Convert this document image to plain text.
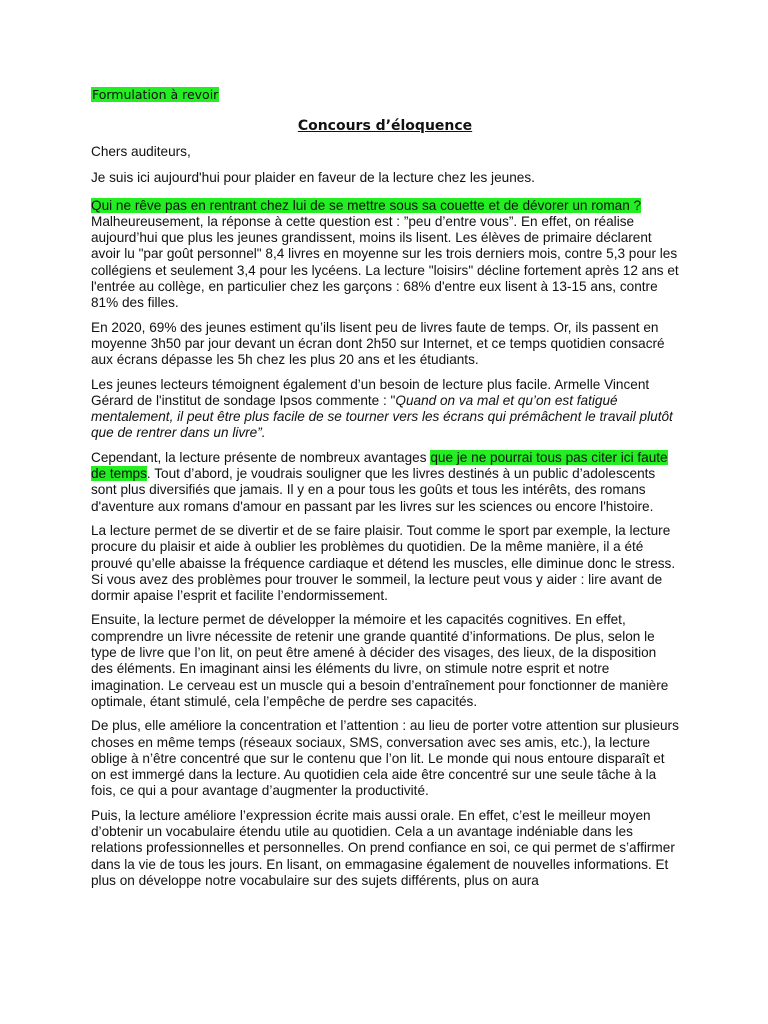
Formulation à revoir
Concours d’éloquence

Chers auditeurs,

Je suis ici aujourd'hui pour plaider en faveur de la lecture chez les jeunes.

Qui ne rêve pas en rentrant chez lui de se mettre sous sa couette et de dévorer un roman ? Malheureusement, la réponse à cette question est : ”peu d’entre vous”. En effet, on réalise aujourd’hui que plus les jeunes grandissent, moins ils lisent. Les élèves de primaire déclarent avoir lu "par goût personnel" 8,4 livres en moyenne sur les trois derniers mois, contre 5,3 pour les collégiens et seulement 3,4 pour les lycéens. La lecture "loisirs" décline fortement après 12 ans et l'entrée au collège, en particulier chez les garçons : 68% d'entre eux lisent à 13-15 ans, contre 81% des filles.

En 2020, 69% des jeunes estiment qu’ils lisent peu de livres faute de temps. Or, ils passent en moyenne 3h50 par jour devant un écran dont 2h50 sur Internet, et ce temps quotidien consacré aux écrans dépasse les 5h chez les plus 20 ans et les étudiants.

Les jeunes lecteurs témoignent également d’un besoin de lecture plus facile. Armelle Vincent Gérard de l'institut de sondage Ipsos commente : "Quand on va mal et qu’on est fatigué mentalement, il peut être plus facile de se tourner vers les écrans qui prémâchent le travail plutôt que de rentrer dans un livre”.

Cependant, la lecture présente de nombreux avantages que je ne pourrai tous pas citer ici faute de temps. Tout d’abord, je voudrais souligner que les livres destinés à un public d’adolescents sont plus diversifiés que jamais. Il y en a pour tous les goûts et tous les intérêts, des romans d'aventure aux romans d'amour en passant par les livres sur les sciences ou encore l'histoire.

La lecture permet de se divertir et de se faire plaisir. Tout comme le sport par exemple, la lecture procure du plaisir et aide à oublier les problèmes du quotidien. De la même manière, il a été prouvé qu’elle abaisse la fréquence cardiaque et détend les muscles, elle diminue donc le stress. Si vous avez des problèmes pour trouver le sommeil, la lecture peut vous y aider : lire avant de dormir apaise l’esprit et facilite l’endormissement.

Ensuite, la lecture permet de développer la mémoire et les capacités cognitives. En effet, comprendre un livre nécessite de retenir une grande quantité d’informations. De plus, selon le type de livre que l’on lit, on peut être amené à décider des visages, des lieux, de la disposition des éléments. En imaginant ainsi les éléments du livre, on stimule notre esprit et notre imagination. Le cerveau est un muscle qui a besoin d’entraînement pour fonctionner de manière optimale, étant stimulé, cela l’empêche de perdre ses capacités.

De plus, elle améliore la concentration et l’attention : au lieu de porter votre attention sur plusieurs choses en même temps (réseaux sociaux, SMS, conversation avec ses amis, etc.), la lecture oblige à n’être concentré que sur le contenu que l’on lit. Le monde qui nous entoure disparaît et on est immergé dans la lecture. Au quotidien cela aide être concentré sur une seule tâche à la fois, ce qui a pour avantage d’augmenter la productivité.

Puis, la lecture améliore l’expression écrite mais aussi orale. En effet, c’est le meilleur moyen d’obtenir un vocabulaire étendu utile au quotidien. Cela a un avantage indéniable dans les relations professionnelles et personnelles. On prend confiance en soi, ce qui permet de s’affirmer dans la vie de tous les jours. En lisant, on emmagasine également de nouvelles informations. Et plus on développe notre vocabulaire sur des sujets différents, plus on aura
